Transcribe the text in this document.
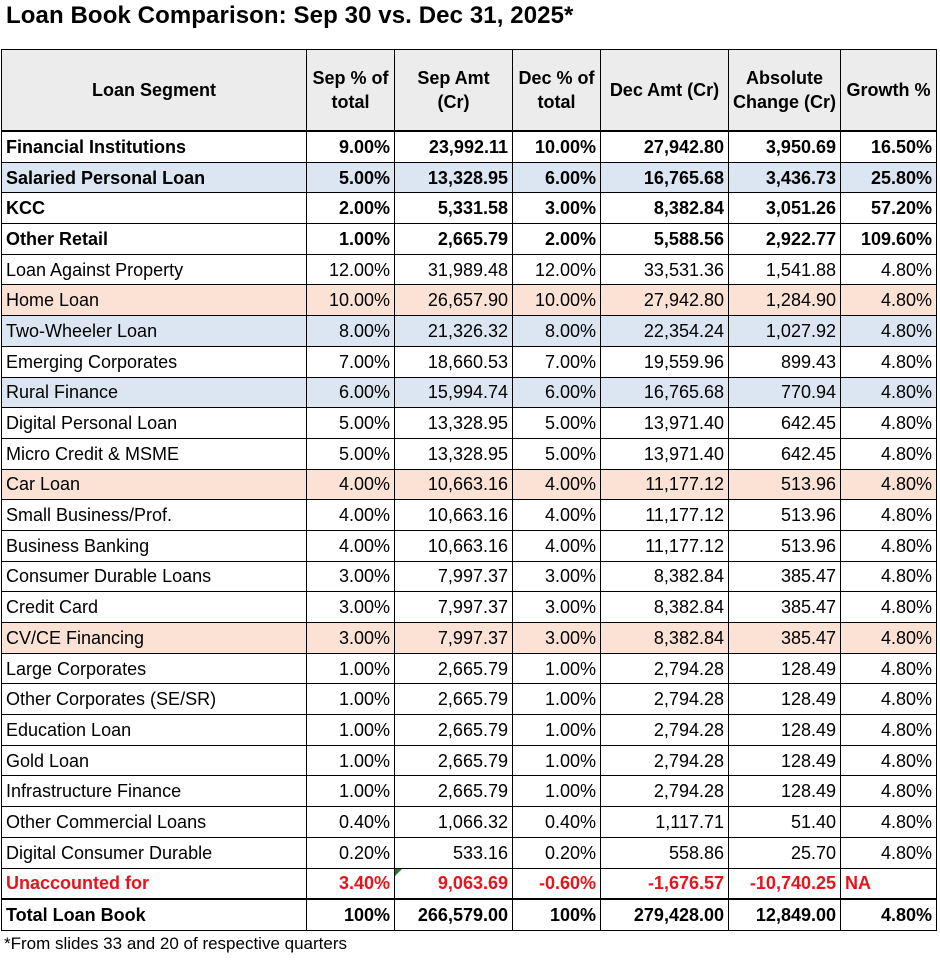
Loan Book Comparison: Sep 30 vs. Dec 31, 2025*
Loan Segment	Sep % of total	Sep Amt (Cr)	Dec % of total	Dec Amt (Cr)	Absolute Change (Cr)	Growth %
Financial Institutions	9.00%	23,992.11	10.00%	27,942.80	3,950.69	16.50%
Salaried Personal Loan	5.00%	13,328.95	6.00%	16,765.68	3,436.73	25.80%
KCC	2.00%	5,331.58	3.00%	8,382.84	3,051.26	57.20%
Other Retail	1.00%	2,665.79	2.00%	5,588.56	2,922.77	109.60%
Loan Against Property	12.00%	31,989.48	12.00%	33,531.36	1,541.88	4.80%
Home Loan	10.00%	26,657.90	10.00%	27,942.80	1,284.90	4.80%
Two-Wheeler Loan	8.00%	21,326.32	8.00%	22,354.24	1,027.92	4.80%
Emerging Corporates	7.00%	18,660.53	7.00%	19,559.96	899.43	4.80%
Rural Finance	6.00%	15,994.74	6.00%	16,765.68	770.94	4.80%
Digital Personal Loan	5.00%	13,328.95	5.00%	13,971.40	642.45	4.80%
Micro Credit & MSME	5.00%	13,328.95	5.00%	13,971.40	642.45	4.80%
Car Loan	4.00%	10,663.16	4.00%	11,177.12	513.96	4.80%
Small Business/Prof.	4.00%	10,663.16	4.00%	11,177.12	513.96	4.80%
Business Banking	4.00%	10,663.16	4.00%	11,177.12	513.96	4.80%
Consumer Durable Loans	3.00%	7,997.37	3.00%	8,382.84	385.47	4.80%
Credit Card	3.00%	7,997.37	3.00%	8,382.84	385.47	4.80%
CV/CE Financing	3.00%	7,997.37	3.00%	8,382.84	385.47	4.80%
Large Corporates	1.00%	2,665.79	1.00%	2,794.28	128.49	4.80%
Other Corporates (SE/SR)	1.00%	2,665.79	1.00%	2,794.28	128.49	4.80%
Education Loan	1.00%	2,665.79	1.00%	2,794.28	128.49	4.80%
Gold Loan	1.00%	2,665.79	1.00%	2,794.28	128.49	4.80%
Infrastructure Finance	1.00%	2,665.79	1.00%	2,794.28	128.49	4.80%
Other Commercial Loans	0.40%	1,066.32	0.40%	1,117.71	51.40	4.80%
Digital Consumer Durable	0.20%	533.16	0.20%	558.86	25.70	4.80%
Unaccounted for	3.40%	9,063.69	-0.60%	-1,676.57	-10,740.25	NA
Total Loan Book	100%	266,579.00	100%	279,428.00	12,849.00	4.80%
*From slides 33 and 20 of respective quarters
